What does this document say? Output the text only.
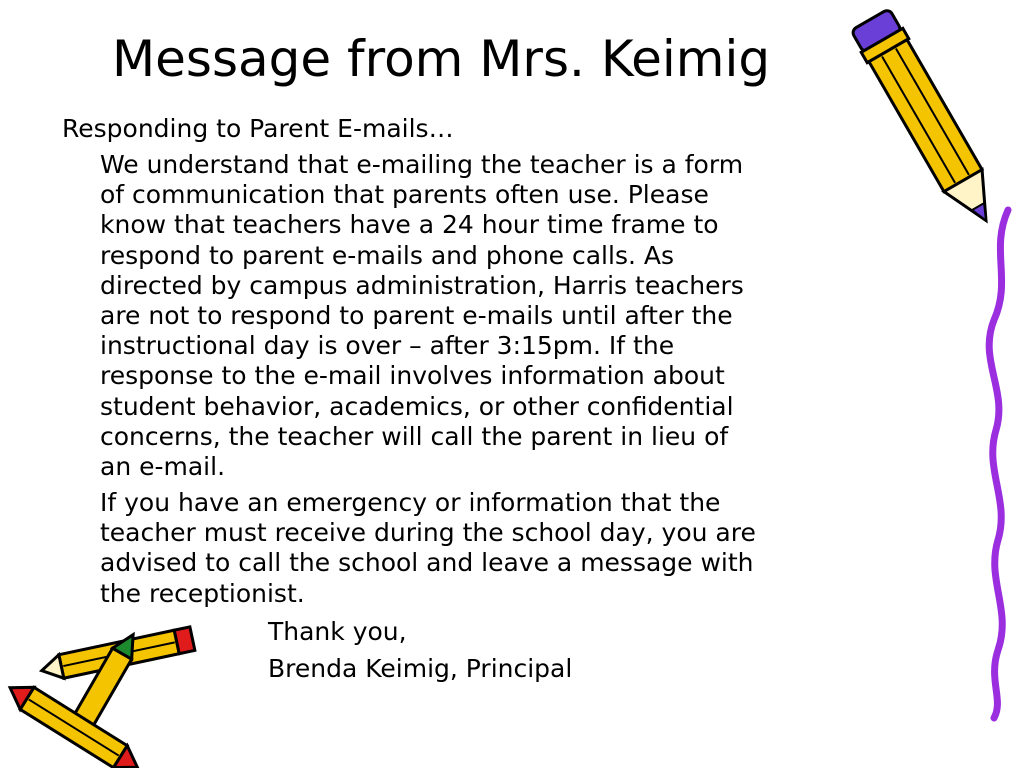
Message from Mrs. Keimig

Responding to Parent E-mails…

We understand that e-mailing the teacher is a form
of communication that parents often use. Please
know that teachers have a 24 hour time frame to
respond to parent e-mails and phone calls. As
directed by campus administration, Harris teachers
are not to respond to parent e-mails until after the
instructional day is over – after 3:15pm. If the
response to the e-mail involves information about
student behavior, academics, or other confidential
concerns, the teacher will call the parent in lieu of
an e-mail.
If you have an emergency or information that the
teacher must receive during the school day, you are
advised to call the school and leave a message with
the receptionist.

Thank you,

Brenda Keimig, Principal
